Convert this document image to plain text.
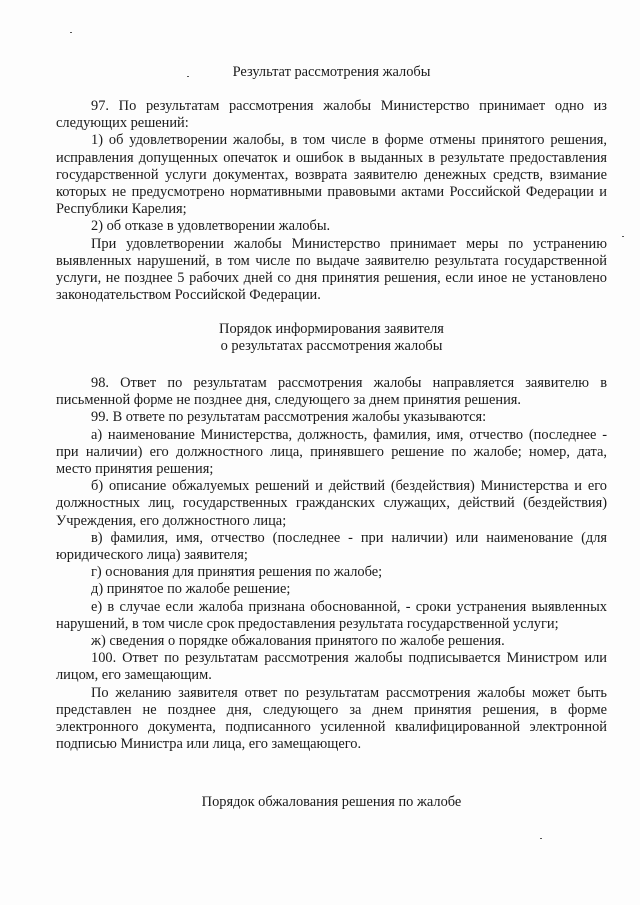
Результат рассмотрения жалобы

97. По результатам рассмотрения жалобы Министерство принимает одно из следующих решений:

1) об удовлетворении жалобы, в том числе в форме отмены принятого решения, исправления допущенных опечаток и ошибок в выданных в результате предоставления государственной услуги документах, возврата заявителю денежных средств, взимание которых не предусмотрено нормативными правовыми актами Российской Федерации и Республики Карелия;

2) об отказе в удовлетворении жалобы.

При удовлетворении жалобы Министерство принимает меры по устранению выявленных нарушений, в том числе по выдаче заявителю результата государственной услуги, не позднее 5 рабочих дней со дня принятия решения, если иное не установлено законодательством Российской Федерации.

Порядок информирования заявителя
о результатах рассмотрения жалобы

98. Ответ по результатам рассмотрения жалобы направляется заявителю в письменной форме не позднее дня, следующего за днем принятия решения.

99. В ответе по результатам рассмотрения жалобы указываются:

а) наименование Министерства, должность, фамилия, имя, отчество (последнее - при наличии) его должностного лица, принявшего решение по жалобе; номер, дата, место принятия решения;

б) описание обжалуемых решений и действий (бездействия) Министерства и его должностных лиц, государственных гражданских служащих, действий (бездействия) Учреждения, его должностного лица;

в) фамилия, имя, отчество (последнее - при наличии) или наименование (для юридического лица) заявителя;

г) основания для принятия решения по жалобе;

д) принятое по жалобе решение;

е) в случае если жалоба признана обоснованной, - сроки устранения выявленных нарушений, в том числе срок предоставления результата государственной услуги;

ж) сведения о порядке обжалования принятого по жалобе решения.

100. Ответ по результатам рассмотрения жалобы подписывается Министром или лицом, его замещающим.

По желанию заявителя ответ по результатам рассмотрения жалобы может быть представлен не позднее дня, следующего за днем принятия решения, в форме электронного документа, подписанного усиленной квалифицированной электронной подписью Министра или лица, его замещающего.

Порядок обжалования решения по жалобе
